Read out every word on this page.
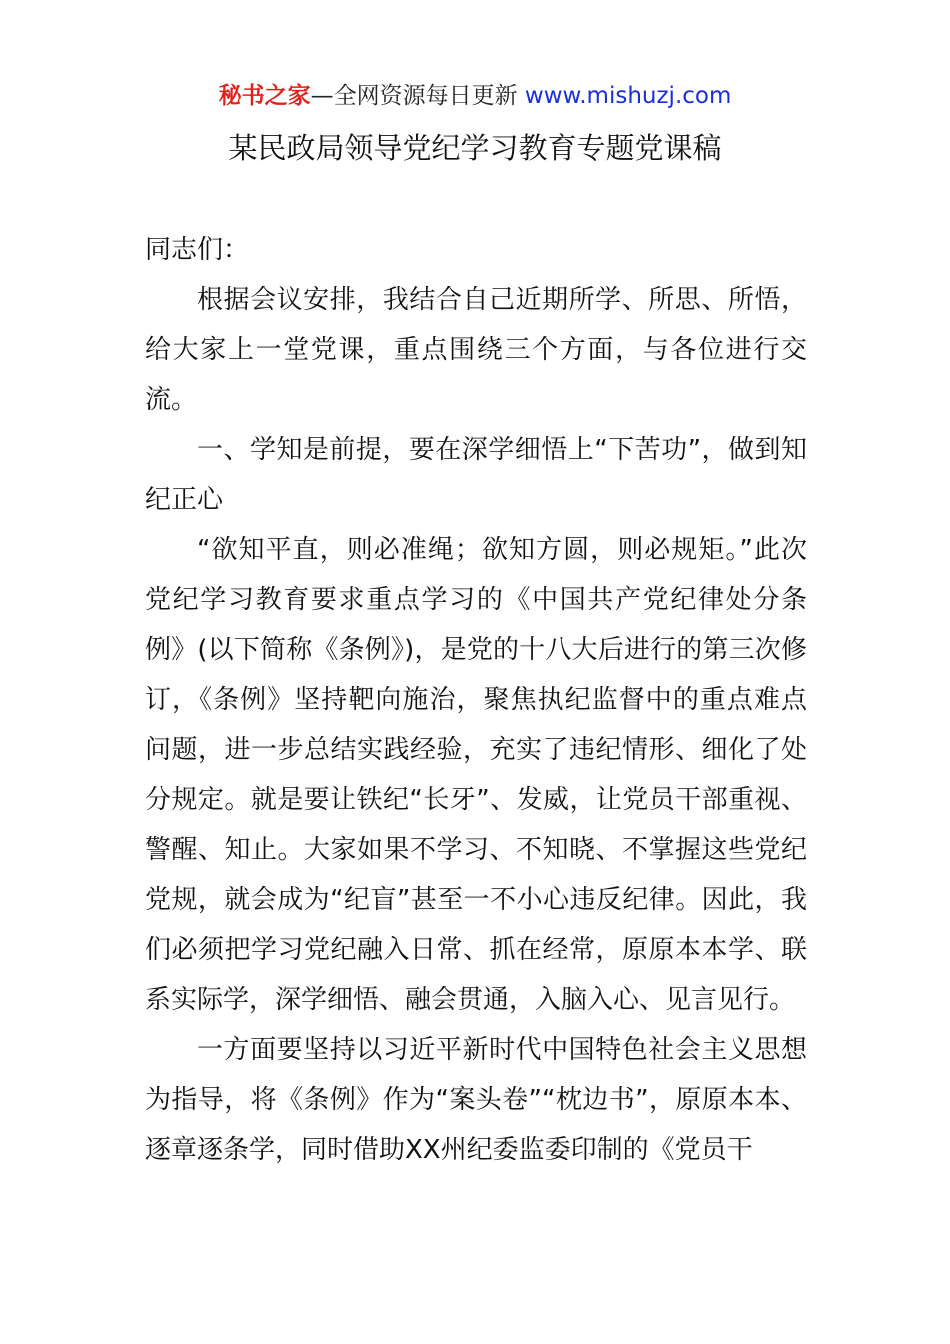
秘书之家—全网资源每日更新 www.mishuzj.com
某民政局领导党纪学习教育专题党课稿

同志们：

根据会议安排，我结合自己近期所学、所思、所悟，给大家上一堂党课，重点围绕三个方面，与各位进行交流。

一、学知是前提，要在深学细悟上“下苦功”，做到知纪正心

“欲知平直，则必准绳；欲知方圆，则必规矩。”此次党纪学习教育要求重点学习的《中国共产党纪律处分条例》(以下简称《条例》)，是党的十八大后进行的第三次修订，《条例》坚持靶向施治，聚焦执纪监督中的重点难点问题，进一步总结实践经验，充实了违纪情形、细化了处分规定。就是要让铁纪“长牙”、发威，让党员干部重视、警醒、知止。大家如果不学习、不知晓、不掌握这些党纪党规，就会成为“纪盲”甚至一不小心违反纪律。因此，我们必须把学习党纪融入日常、抓在经常，原原本本学、联系实际学，深学细悟、融会贯通，入脑入心、见言见行。

一方面要坚持以习近平新时代中国特色社会主义思想为指导，将《条例》作为“案头卷”“枕边书”，原原本本、逐章逐条学，同时借助XX州纪委监委印制的《党员干
